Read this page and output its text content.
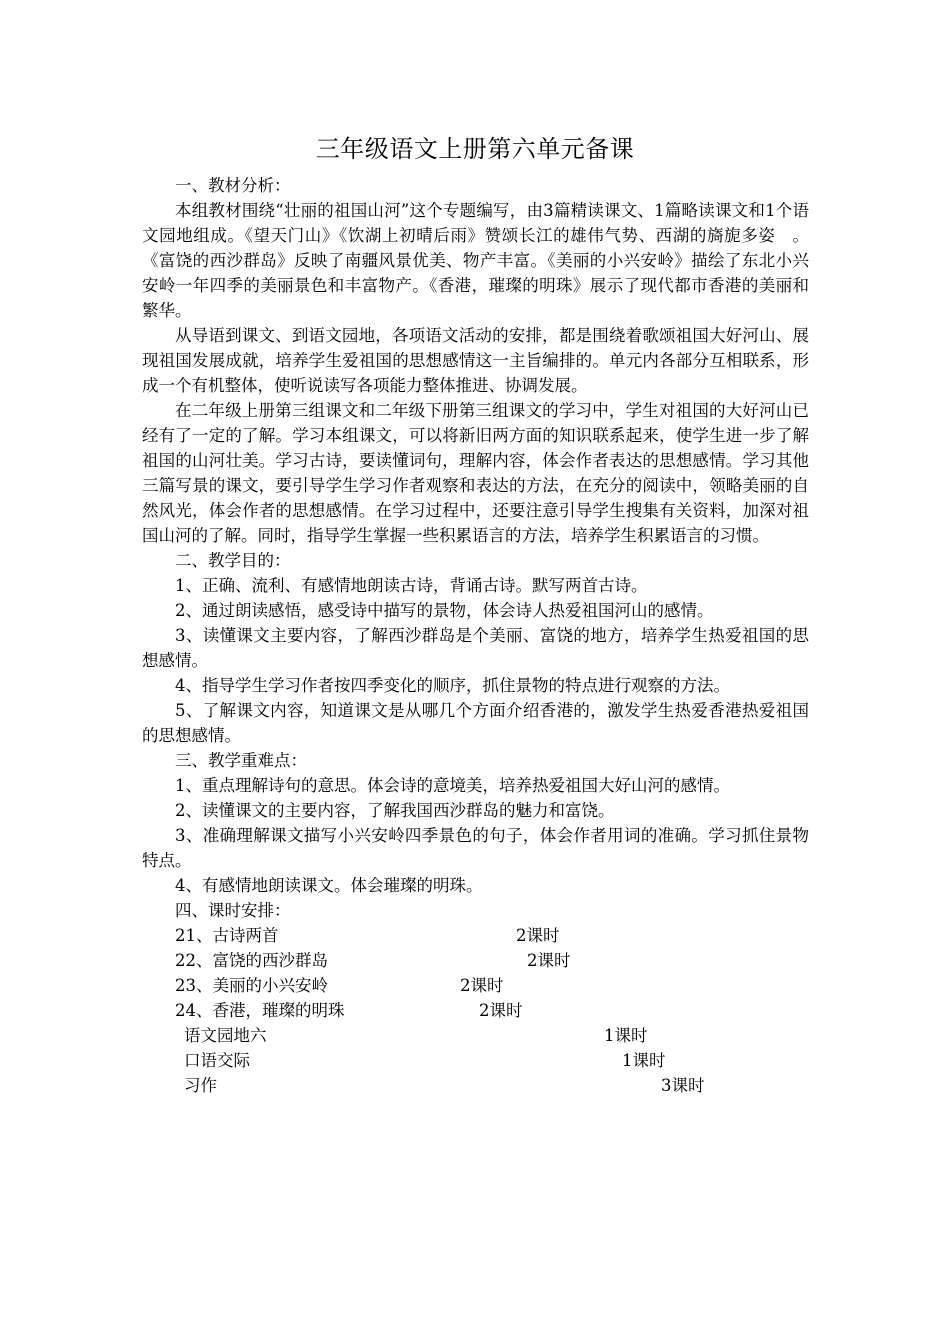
三年级语文上册第六单元备课

一、教材分析：

本组教材围绕“壮丽的祖国山河”这个专题编写，由3篇精读课文、1篇略读课文和1个语文园地组成。《望天门山》《饮湖上初晴后雨》赞颂长江的雄伟气势、西湖的旖旎多姿　。《富饶的西沙群岛》反映了南疆风景优美、物产丰富。《美丽的小兴安岭》描绘了东北小兴安岭一年四季的美丽景色和丰富物产。《香港，璀璨的明珠》展示了现代都市香港的美丽和繁华。

从导语到课文、到语文园地，各项语文活动的安排，都是围绕着歌颂祖国大好河山、展现祖国发展成就，培养学生爱祖国的思想感情这一主旨编排的。单元内各部分互相联系，形成一个有机整体，使听说读写各项能力整体推进、协调发展。

在二年级上册第三组课文和二年级下册第三组课文的学习中，学生对祖国的大好河山已经有了一定的了解。学习本组课文，可以将新旧两方面的知识联系起来，使学生进一步了解祖国的山河壮美。学习古诗，要读懂词句，理解内容，体会作者表达的思想感情。学习其他三篇写景的课文，要引导学生学习作者观察和表达的方法，在充分的阅读中，领略美丽的自然风光，体会作者的思想感情。在学习过程中，还要注意引导学生搜集有关资料，加深对祖国山河的了解。同时，指导学生掌握一些积累语言的方法，培养学生积累语言的习惯。

二、教学目的：

1、正确、流利、有感情地朗读古诗，背诵古诗。默写两首古诗。

2、通过朗读感悟，感受诗中描写的景物，体会诗人热爱祖国河山的感情。

3、读懂课文主要内容，了解西沙群岛是个美丽、富饶的地方，培养学生热爱祖国的思想感情。

4、指导学生学习作者按四季变化的顺序，抓住景物的特点进行观察的方法。

5、了解课文内容，知道课文是从哪几个方面介绍香港的，激发学生热爱香港热爱祖国的思想感情。

三、教学重难点：

1、重点理解诗句的意思。体会诗的意境美，培养热爱祖国大好山河的感情。

2、读懂课文的主要内容，了解我国西沙群岛的魅力和富饶。

3、准确理解课文描写小兴安岭四季景色的句子，体会作者用词的准确。学习抓住景物特点。

4、有感情地朗读课文。体会璀璨的明珠。

四、课时安排：

21、古诗两首	2课时
22、富饶的西沙群岛	2课时
23、美丽的小兴安岭	2课时
24、香港，璀璨的明珠	2课时
语文园地六	1课时
口语交际	1课时
习作	3课时
